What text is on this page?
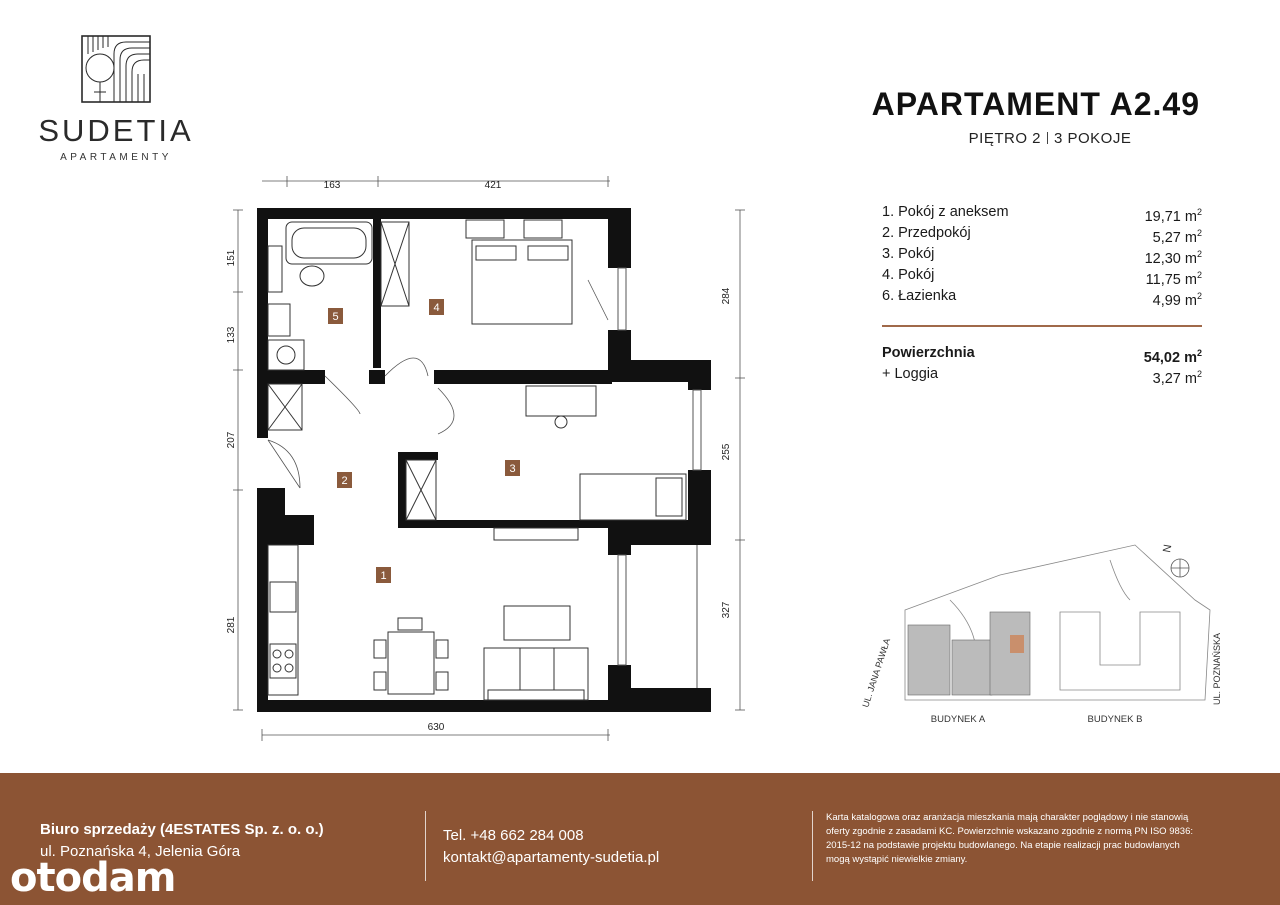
SUDETIA
APARTAMENTY
APARTAMENT A2.49
PIĘTRO 2 3 POKOJE
1. Pokój z aneksem	19,71 $m^2$
2. Przedpokój	5,27 $m^2$
3. Pokój	12,30 $m^2$
4. Pokój	11,75 $m^2$
6. Łazienka	4,99 $m^2$
Powierzchnia	54,02 $m^2$
+ Loggia	3,27 $m^2$
163	421
630
151
133
207
281
284
255
327
1
2
3
4
5
N
UL. JANA PAWŁA	UL. POZNAŃSKA
BUDYNEK A	BUDYNEK B
Biuro sprzedaży (4ESTATES Sp. z. o. o.)
ul. Poznańska 4, Jelenia Góra
Tel. +48 662 284 008
kontakt@apartamenty-sudetia.pl
Karta katalogowa oraz aranżacja mieszkania mają charakter poglądowy i nie stanowią oferty zgodnie z zasadami KC. Powierzchnie wskazano zgodnie z normą PN ISO 9836: 2015-12 na podstawie projektu budowlanego. Na etapie realizacji prac budowlanych mogą wystąpić niewielkie zmiany.
otodam
